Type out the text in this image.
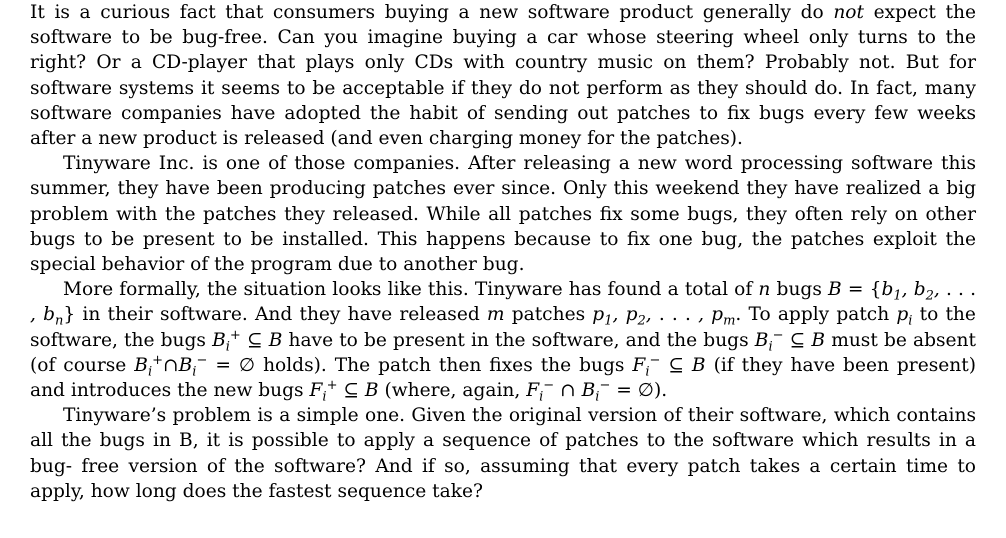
It is a curious fact that consumers buying a new software product generally do not expect the software to be bug-free. Can you imagine buying a car whose steering wheel only turns to the right? Or a CD-player that plays only CDs with country music on them? Probably not. But for software systems it seems to be acceptable if they do not perform as they should do. In fact, many software companies have adopted the habit of sending out patches to fix bugs every few weeks after a new product is released (and even charging money for the patches).

Tinyware Inc. is one of those companies. After releasing a new word processing software this summer, they have been producing patches ever since. Only this weekend they have realized a big problem with the patches they released. While all patches fix some bugs, they often rely on other bugs to be present to be installed. This happens because to fix one bug, the patches exploit the special behavior of the program due to another bug.

More formally, the situation looks like this. Tinyware has found a total of n bugs $B = \{b_1$, $b_2$, . . . , $b_n$} in their software. And they have released m patches $p_1$, $p_2$, . . . , $p_m$. To apply patch $p_i$ to the software, the bugs $B_i^+$ ⊆ B have to be present in the software, and the bugs $B_i^-$ ⊆ B must be absent (of course $B_i^+\cap B_i^-$ = ∅ holds). The patch then fixes the bugs $F_i^-$ ⊆ B (if they have been present) and introduces the new bugs $F_i^+$ ⊆ B (where, again, $F_i^-$ ∩ $B_i^-$ = ∅).

Tinyware’s problem is a simple one. Given the original version of their software, which contains all the bugs in B, it is possible to apply a sequence of patches to the software which results in a bug- free version of the software? And if so, assuming that every patch takes a certain time to apply, how long does the fastest sequence take?
